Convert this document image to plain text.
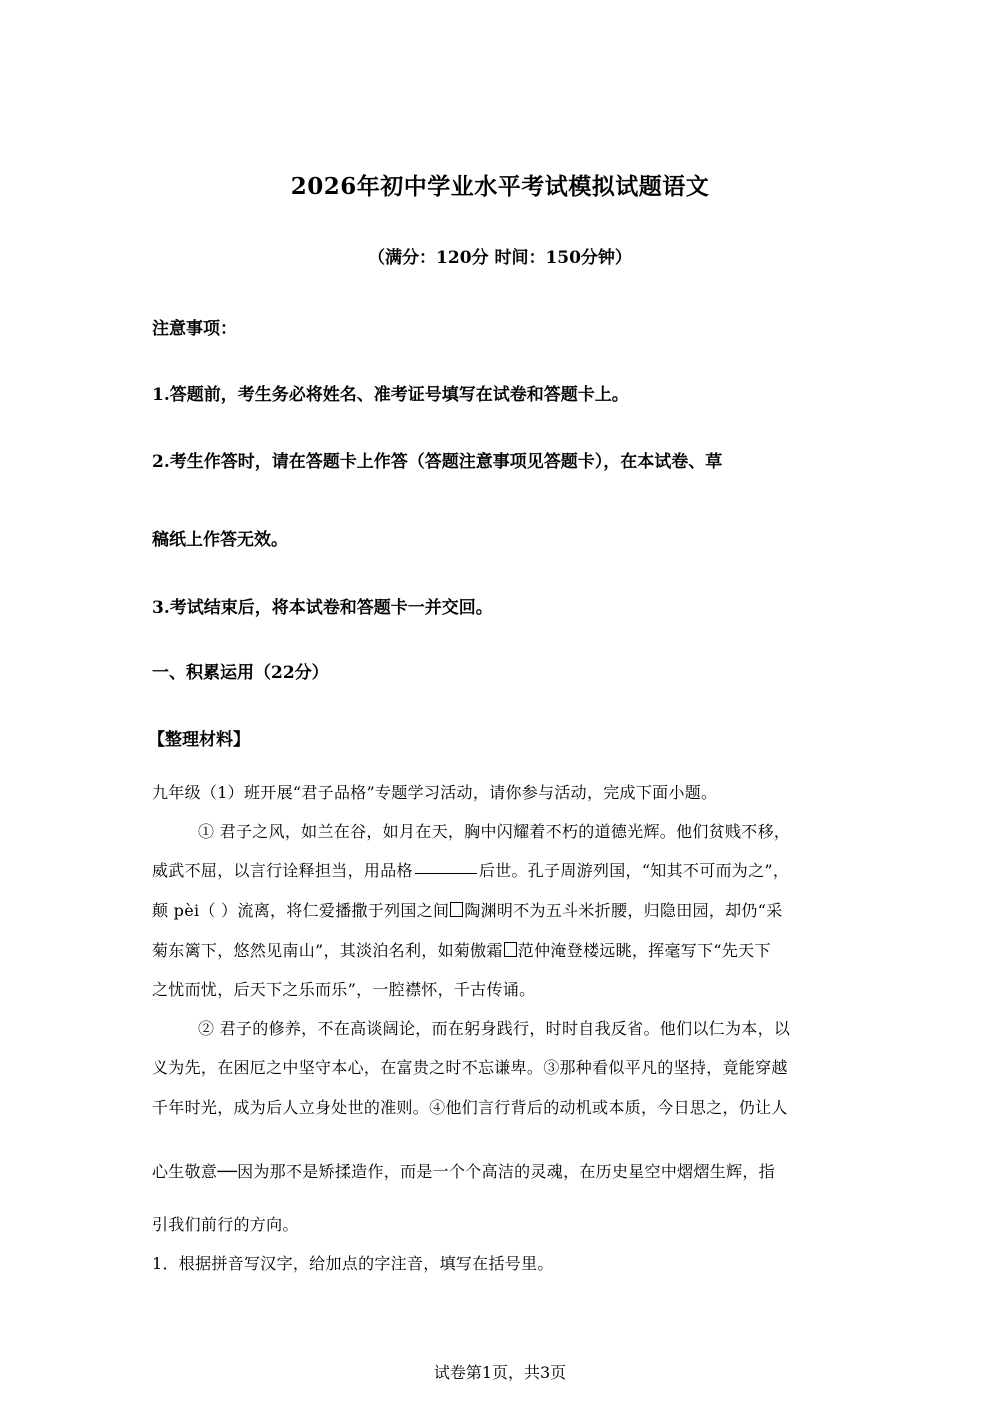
2026年初中学业水平考试模拟试题语文
（满分：120分 时间：150分钟）
注意事项：
1.答题前，考生务必将姓名、准考证号填写在试卷和答题卡上。
2.考生作答时，请在答题卡上作答（答题注意事项见答题卡），在本试卷、草
稿纸上作答无效。
3.考试结束后，将本试卷和答题卡一并交回。
一、积累运用（22分）
【整理材料】
九年级（1）班开展“君子品格”专题学习活动，请你参与活动，完成下面小题。
① 君子之风，如兰在谷，如月在天，胸中闪耀着不朽的道德光辉。他们贫贱不移，
威武不屈，以言行诠释担当，用品格	后世。孔子周游列国，“知其不可而为之”，
颠 pèi（ ）流离，将仁爱播撒于列国之间 陶渊明不为五斗米折腰，归隐田园，却仍“采
菊东篱下，悠然见南山”，其淡泊名利，如菊傲霜 范仲淹登楼远眺，挥毫写下“先天下
之忧而忧，后天下之乐而乐”，一腔襟怀，千古传诵。
② 君子的修养，不在高谈阔论，而在躬身践行，时时自我反省。他们以仁为本，以
义为先，在困厄之中坚守本心，在富贵之时不忘谦卑。③那种看似平凡的坚持，竟能穿越
千年时光，成为后人立身处世的准则。④他们言行背后的动机或本质，今日思之，仍让人
心生敬意──因为那不是矫揉造作，而是一个个高洁的灵魂，在历史星空中熠熠生辉，指
引我们前行的方向。
1．根据拼音写汉字，给加点的字注音，填写在括号里。
试卷第1页，共3页
